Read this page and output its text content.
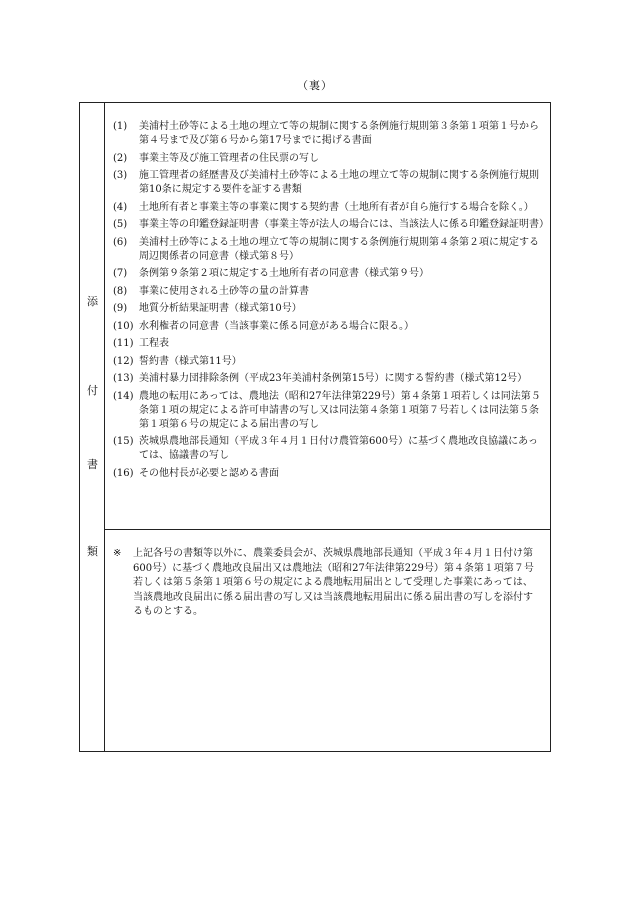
（裏）
添
付
書
類
(1)	美浦村土砂等による土地の埋立て等の規制に関する条例施行規則第３条第１項第１号から第４号まで及び第６号から第17号までに掲げる書面
(2)	事業主等及び施工管理者の住民票の写し
(3)	施工管理者の経歴書及び美浦村土砂等による土地の埋立て等の規制に関する条例施行規則第10条に規定する要件を証する書類
(4)	土地所有者と事業主等の事業に関する契約書（土地所有者が自ら施行する場合を除く。）
(5)	事業主等の印鑑登録証明書（事業主等が法人の場合には、当該法人に係る印鑑登録証明書）
(6)	美浦村土砂等による土地の埋立て等の規制に関する条例施行規則第４条第２項に規定する周辺関係者の同意書（様式第８号）
(7)	条例第９条第２項に規定する土地所有者の同意書（様式第９号）
(8)	事業に使用される土砂等の量の計算書
(9)	地質分析結果証明書（様式第10号）
(10) 水利権者の同意書（当該事業に係る同意がある場合に限る。）
(11) 工程表
(12) 誓約書（様式第11号）
(13) 美浦村暴力団排除条例（平成23年美浦村条例第15号）に関する誓約書（様式第12号）
(14) 農地の転用にあっては、農地法（昭和27年法律第229号）第４条第１項若しくは同法第５条第１項の規定による許可申請書の写し又は同法第４条第１項第７号若しくは同法第５条第１項第６号の規定による届出書の写し
(15) 茨城県農地部長通知（平成３年４月１日付け農管第600号）に基づく農地改良協議にあっては、協議書の写し
(16) その他村長が必要と認める書面
※	上記各号の書類等以外に、農業委員会が、茨城県農地部長通知（平成３年４月１日付け第600号）に基づく農地改良届出又は農地法（昭和27年法律第229号）第４条第１項第７号若しくは第５条第１項第６号の規定による農地転用届出として受理した事業にあっては、当該農地改良届出に係る届出書の写し又は当該農地転用届出に係る届出書の写しを添付するものとする。
